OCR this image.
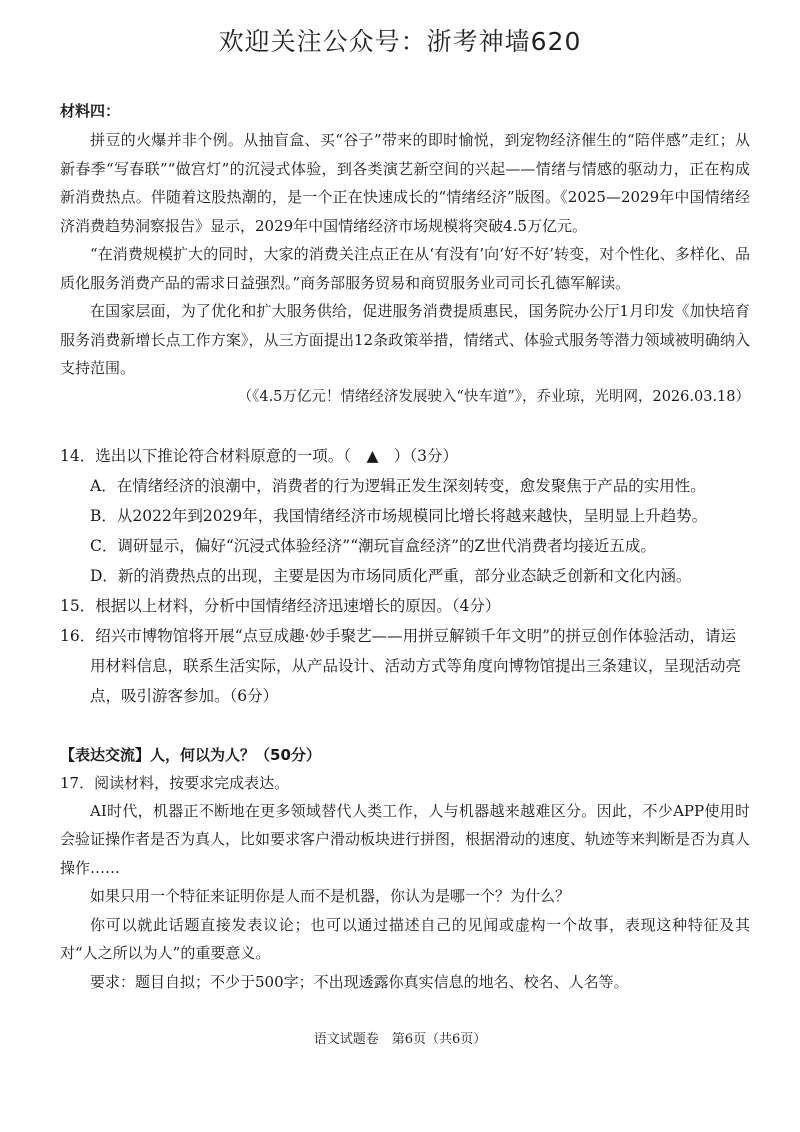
欢迎关注公众号：浙考神墙620

材料四：

拼豆的火爆并非个例。从抽盲盒、买“谷子”带来的即时愉悦，到宠物经济催生的“陪伴感”走红；从新春季“写春联”“做宫灯”的沉浸式体验，到各类演艺新空间的兴起——情绪与情感的驱动力，正在构成新消费热点。伴随着这股热潮的，是一个正在快速成长的“情绪经济”版图。《2025—2029年中国情绪经济消费趋势洞察报告》显示，2029年中国情绪经济市场规模将突破4.5万亿元。

“在消费规模扩大的同时，大家的消费关注点正在从‘有没有’向‘好不好’转变，对个性化、多样化、品质化服务消费产品的需求日益强烈。”商务部服务贸易和商贸服务业司司长孔德军解读。

在国家层面，为了优化和扩大服务供给，促进服务消费提质惠民，国务院办公厅1月印发《加快培育服务消费新增长点工作方案》，从三方面提出12条政策举措，情绪式、体验式服务等潜力领域被明确纳入支持范围。

（《4.5万亿元！情绪经济发展驶入“快车道”》，乔业琼，光明网，2026.03.18）

14．选出以下推论符合材料原意的一项。（　▲　）（3分）

A．在情绪经济的浪潮中，消费者的行为逻辑正发生深刻转变，愈发聚焦于产品的实用性。

B．从2022年到2029年，我国情绪经济市场规模同比增长将越来越快，呈明显上升趋势。

C．调研显示，偏好“沉浸式体验经济”“潮玩盲盒经济”的Z世代消费者均接近五成。

D．新的消费热点的出现，主要是因为市场同质化严重，部分业态缺乏创新和文化内涵。

15．根据以上材料，分析中国情绪经济迅速增长的原因。（4分）

16．绍兴市博物馆将开展“点豆成趣·妙手聚艺——用拼豆解锁千年文明”的拼豆创作体验活动，请运用材料信息，联系生活实际，从产品设计、活动方式等角度向博物馆提出三条建议，呈现活动亮点，吸引游客参加。（6分）

【表达交流】人，何以为人？（50分）

17．阅读材料，按要求完成表达。

AI时代，机器正不断地在更多领域替代人类工作，人与机器越来越难区分。因此，不少APP使用时会验证操作者是否为真人，比如要求客户滑动板块进行拼图，根据滑动的速度、轨迹等来判断是否为真人操作……

如果只用一个特征来证明你是人而不是机器，你认为是哪一个？为什么？

你可以就此话题直接发表议论；也可以通过描述自己的见闻或虚构一个故事，表现这种特征及其对“人之所以为人”的重要意义。

要求：题目自拟；不少于500字；不出现透露你真实信息的地名、校名、人名等。

语文试题卷　第6页（共6页）
